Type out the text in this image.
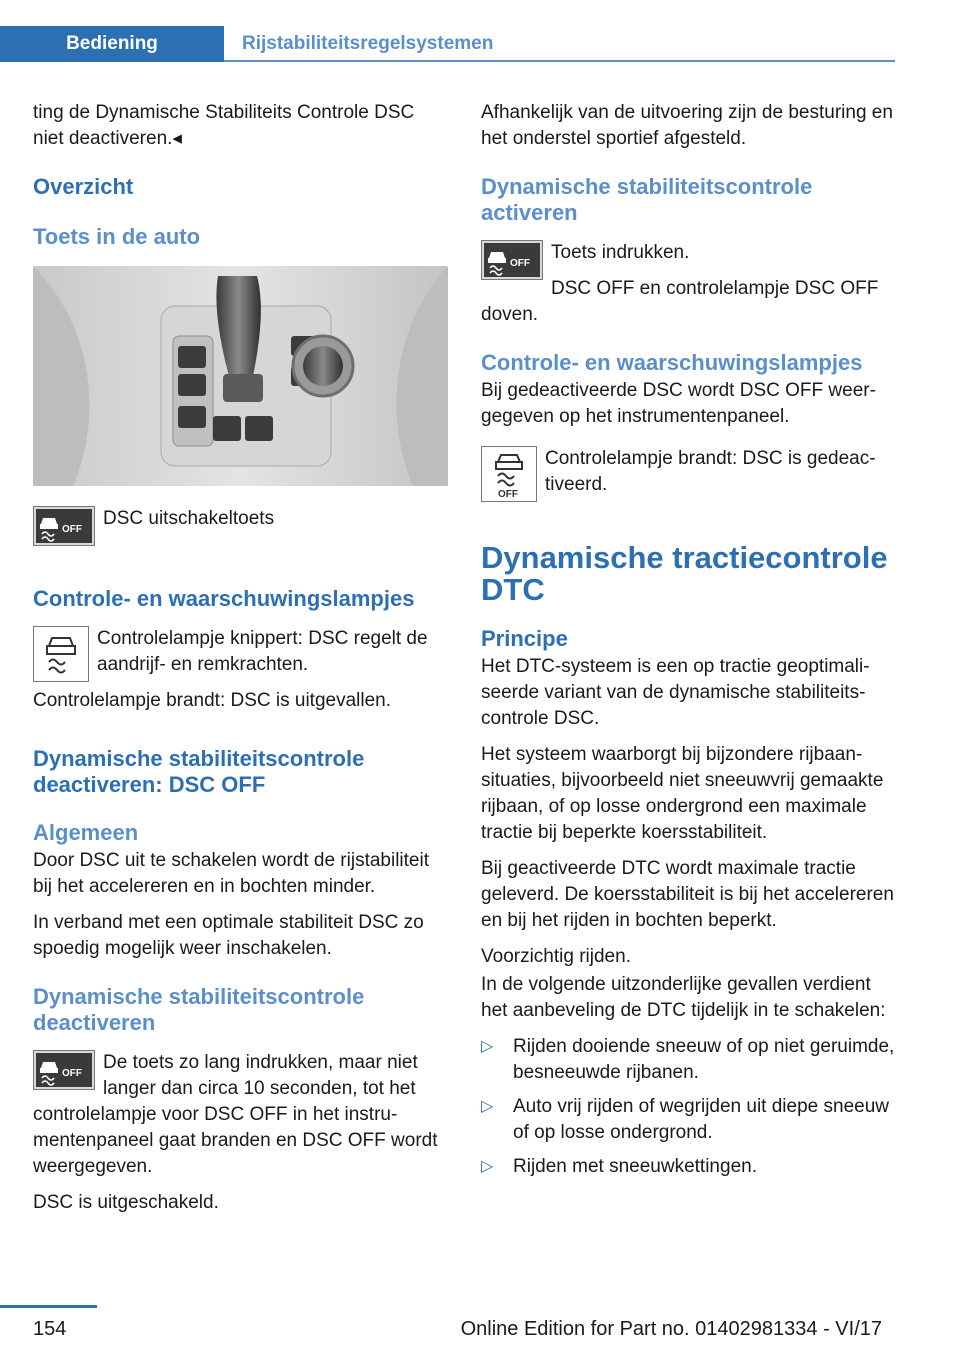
Bediening	Rijstabiliteitsregelsystemen

ting de Dynamische Stabiliteits Controle DSC niet deactiveren.◂

Overzicht
Toets in de auto
OFF

DSC uitschakeltoets

Controle- en waarschuwingslampjes

Controlelampje knippert: DSC regelt de aandrijf- en remkrachten.

Controlelampje brandt: DSC is uitgevallen.

Dynamische stabiliteitscontrole deactiveren: DSC OFF
Algemeen

Door DSC uit te schakelen wordt de rijstabiliteit bij het accelereren en in bochten minder.

In verband met een optimale stabiliteit DSC zo spoedig mogelijk weer inschakelen.

Dynamische stabiliteitscontrole deactiveren
OFF

De toets zo lang indrukken, maar niet langer dan circa 10 seconden, tot het controlelampje voor DSC OFF in het instrumentenpaneel gaat branden en DSC OFF wordt weergegeven.

DSC is uitgeschakeld.

Afhankelijk van de uitvoering zijn de besturing en het onderstel sportief afgesteld.

Dynamische stabiliteitscontrole activeren
OFF

Toets indrukken.

DSC OFF en controlelampje DSC OFF doven.

Controle- en waarschuwingslampjes

Bij gedeactiveerde DSC wordt DSC OFF weergegeven op het instrumentenpaneel.

OFF

Controlelampje brandt: DSC is gedeactiveerd.

Dynamische tractiecontrole DTC
Principe

Het DTC-systeem is een op tractie geoptimaliseerde variant van de dynamische stabiliteitscontrole DSC.

Het systeem waarborgt bij bijzondere rijbaansituaties, bijvoorbeeld niet sneeuwvrij gemaakte rijbaan, of op losse ondergrond een maximale tractie bij beperkte koersstabiliteit.

Bij geactiveerde DTC wordt maximale tractie geleverd. De koersstabiliteit is bij het accelereren en bij het rijden in bochten beperkt.

Voorzichtig rijden.

In de volgende uitzonderlijke gevallen verdient het aanbeveling de DTC tijdelijk in te schakelen:

▷ Rijden dooiende sneeuw of op niet geruimde, besneeuwde rijbanen.
▷ Auto vrij rijden of wegrijden uit diepe sneeuw of op losse ondergrond.
▷ Rijden met sneeuwkettingen.
154	Online Edition for Part no. 01402981334 - VI/17
